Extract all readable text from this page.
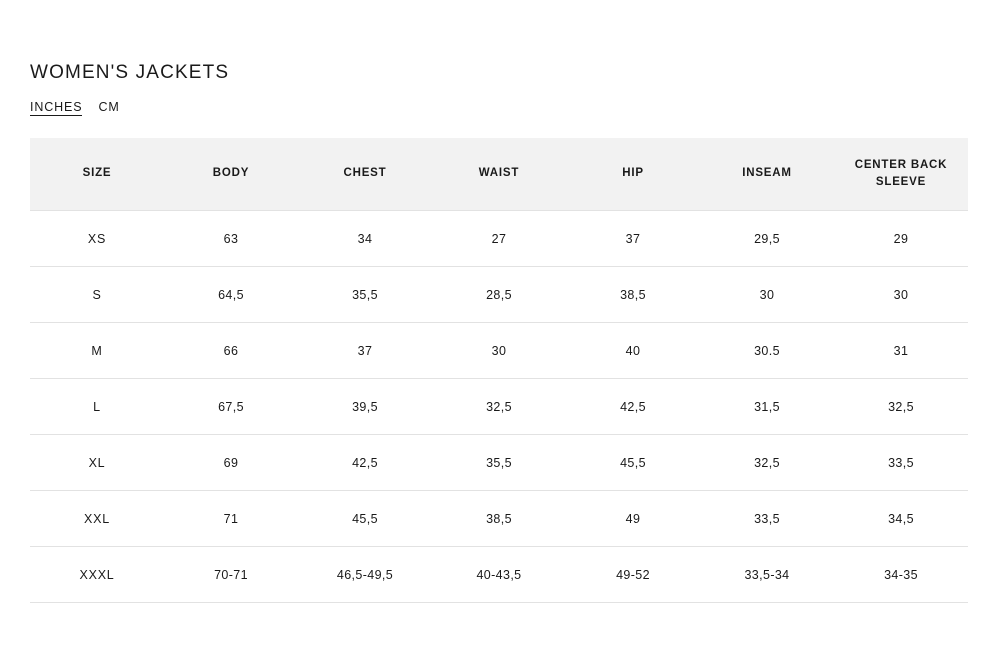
WOMEN'S JACKETS
INCHES CM
SIZE	BODY	CHEST	WAIST	HIP	INSEAM	CENTER BACK SLEEVE
XS	63	34	27	37	29,5	29
S	64,5	35,5	28,5	38,5	30	30
M	66	37	30	40	30.5	31
L	67,5	39,5	32,5	42,5	31,5	32,5
XL	69	42,5	35,5	45,5	32,5	33,5
XXL	71	45,5	38,5	49	33,5	34,5
XXXL	70-71	46,5-49,5	40-43,5	49-52	33,5-34	34-35
